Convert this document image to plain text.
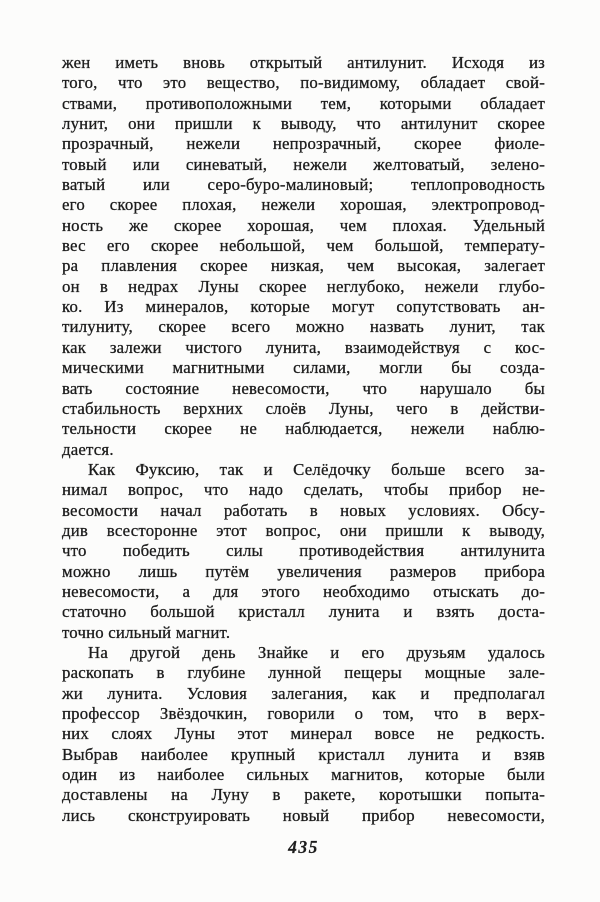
жен иметь вновь открытый антилунит. Исходя из
того, что это вещество, по-видимому, обладает свой-
ствами, противоположными тем, которыми обладает
лунит, они пришли к выводу, что антилунит скорее
прозрачный, нежели непрозрачный, скорее фиоле-
товый или синеватый, нежели желтоватый, зелено-
ватый или серо-буро-малиновый; теплопроводность
его скорее плохая, нежели хорошая, электропровод-
ность же скорее хорошая, чем плохая. Удельный
вес его скорее небольшой, чем большой, температу-
ра плавления скорее низкая, чем высокая, залегает
он в недрах Луны скорее неглубоко, нежели глубо-
ко. Из минералов, которые могут сопутствовать ан-
тилуниту, скорее всего можно назвать лунит, так
как залежи чистого лунита, взаимодействуя с кос-
мическими магнитными силами, могли бы созда-
вать состояние невесомости, что нарушало бы
стабильность верхних слоёв Луны, чего в действи-
тельности скорее не наблюдается, нежели наблю-
дается.
Как Фуксию, так и Селёдочку больше всего за-
нимал вопрос, что надо сделать, чтобы прибор не-
весомости начал работать в новых условиях. Обсу-
див всесторонне этот вопрос, они пришли к выводу,
что победить силы противодействия антилунита
можно лишь путём увеличения размеров прибора
невесомости, а для этого необходимо отыскать до-
статочно большой кристалл лунита и взять доста-
точно сильный магнит.
На другой день Знайке и его друзьям удалось
раскопать в глубине лунной пещеры мощные зале-
жи лунита. Условия залегания, как и предполагал
профессор Звёздочкин, говорили о том, что в верх-
них слоях Луны этот минерал вовсе не редкость.
Выбрав наиболее крупный кристалл лунита и взяв
один из наиболее сильных магнитов, которые были
доставлены на Луну в ракете, коротышки попыта-
лись сконструировать новый прибор невесомости,
435
